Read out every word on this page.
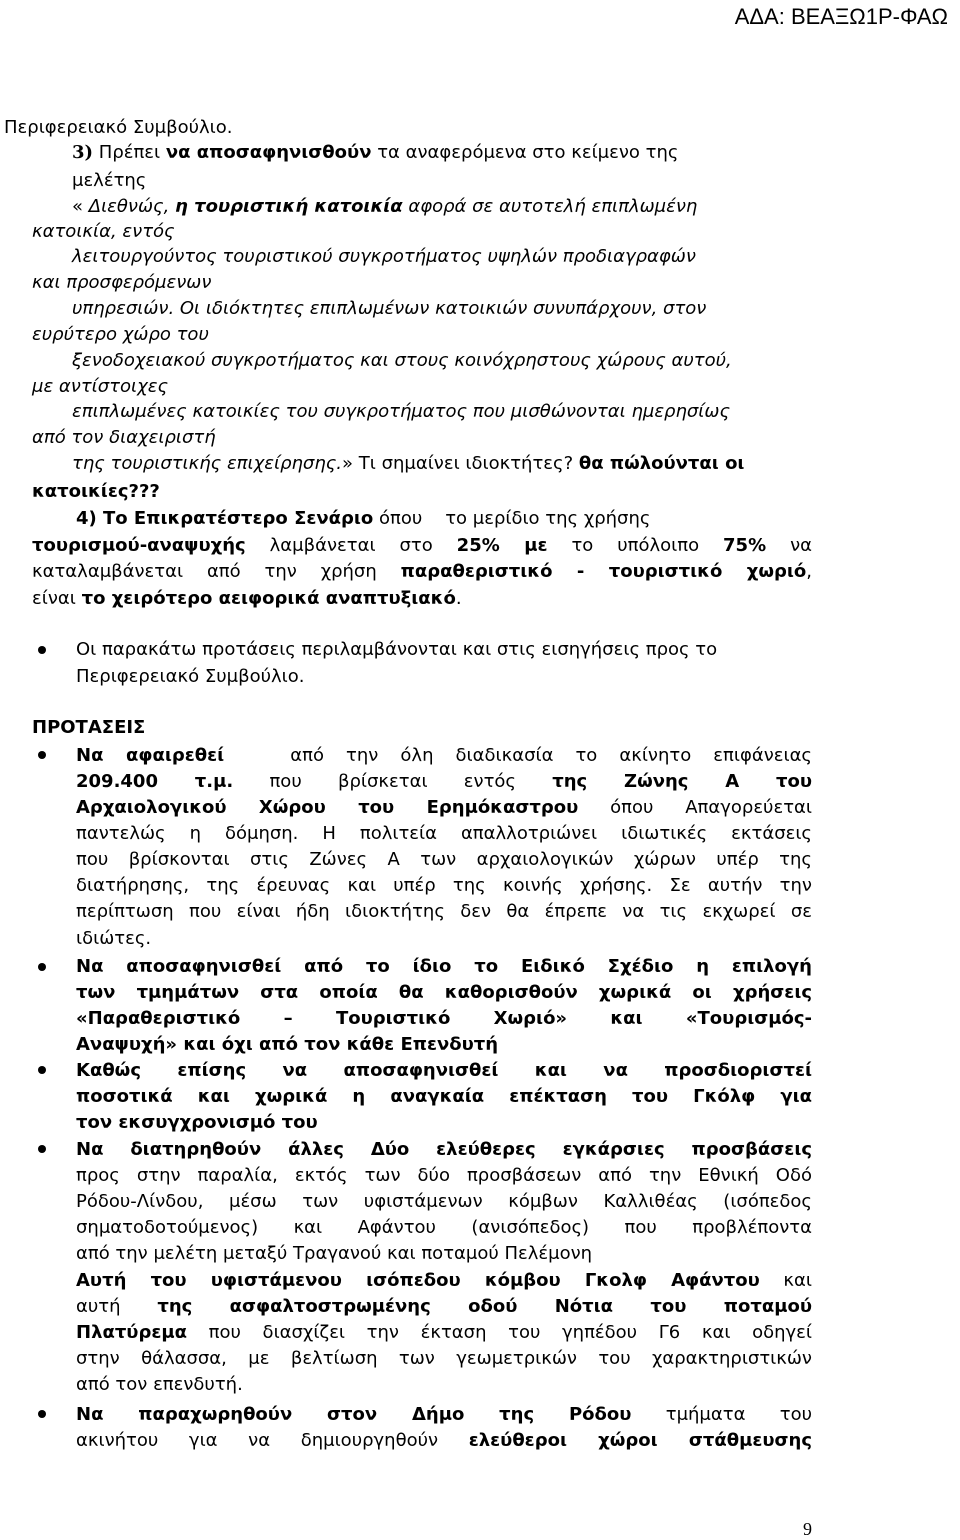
ΑΔΑ: ΒΕΑΞΩ1Ρ-ΦΑΩ
Περιφερειακό Συμβούλιο.
3) Πρέπει να αποσαφηνισθούν τα αναφερόμενα στο κείμενο της
μελέτης
« Διεθνώς, η τουριστική κατοικία αφορά σε αυτοτελή επιπλωμένη
κατοικία, εντός
λειτουργούντος τουριστικού συγκροτήματος υψηλών προδιαγραφών
και προσφερόμενων
υπηρεσιών. Οι ιδιόκτητες επιπλωμένων κατοικιών συνυπάρχουν, στον
ευρύτερο χώρο του
ξενοδοχειακού συγκροτήματος και στους κοινόχρηστους χώρους αυτού,
με αντίστοιχες
επιπλωμένες κατοικίες του συγκροτήματος που μισθώνονται ημερησίως
από τον διαχειριστή
της τουριστικής επιχείρησης.» Τι σημαίνει ιδιοκτήτες? θα πώλούνται οι
κατοικίες???
4) Το Επικρατέστερο Σενάριο όπου το μερίδιο της χρήσης
τουρισμού-αναψυχής λαμβάνεται στο 25% με το υπόλοιπο 75% να
καταλαμβάνεται από την χρήση παραθεριστικό - τουριστικό χωριό,
είναι το χειρότερο αειφορικά αναπτυξιακό.
Οι παρακάτω προτάσεις περιλαμβάνονται και στις εισηγήσεις προς το
Περιφερειακό Συμβούλιο.
ΠΡΟΤΑΣΕΙΣ
Να αφαιρεθεί	από την όλη διαδικασία το ακίνητο επιφάνειας
209.400 τ.μ. που βρίσκεται εντός της Ζώνης Α του
Αρχαιολογικού Χώρου του Ερημόκαστρου όπου Απαγορεύεται
παντελώς η δόμηση. Η πολιτεία απαλλοτριώνει ιδιωτικές εκτάσεις
που βρίσκονται στις Ζώνες Α των αρχαιολογικών χώρων υπέρ της
διατήρησης, της έρευνας και υπέρ της κοινής χρήσης. Σε αυτήν την
περίπτωση που είναι ήδη ιδιοκτήτης δεν θα έπρεπε να τις εκχωρεί σε
ιδιώτες.
Να αποσαφηνισθεί από το ίδιο το Ειδικό Σχέδιο η επιλογή
των τμημάτων στα οποία θα καθορισθούν χωρικά οι χρήσεις
«Παραθεριστικό – Τουριστικό Χωριό» και «Τουρισμός-
Αναψυχή» και όχι από τον κάθε Επενδυτή
Καθώς επίσης να αποσαφηνισθεί και να προσδιοριστεί
ποσοτικά και χωρικά η αναγκαία επέκταση του Γκόλφ για
τον εκσυγχρονισμό του
Να διατηρηθούν άλλες Δύο ελεύθερες εγκάρσιες προσβάσεις
προς στην παραλία, εκτός των δύο προσβάσεων από την Εθνική Οδό
Ρόδου-Λίνδου, μέσω των υφιστάμενων κόμβων Καλλιθέας (ισόπεδος
σηματοδοτούμενος) και Αφάντου (ανισόπεδος) που προβλέποντα
από την μελέτη μεταξύ Τραγανού και ποταμού Πελέμονη
Αυτή του υφιστάμενου ισόπεδου κόμβου Γκολφ Αφάντου και
αυτή της ασφαλτοστρωμένης οδού Νότια του ποταμού
Πλατύρεμα που διασχίζει την έκταση του γηπέδου Γ6 και οδηγεί
στην θάλασσα, με βελτίωση των γεωμετρικών του χαρακτηριστικών
από τον επενδυτή.
Να παραχωρηθούν στον Δήμο της Ρόδου τμήματα του
ακινήτου για να δημιουργηθούν ελεύθεροι χώροι στάθμευσης
9
